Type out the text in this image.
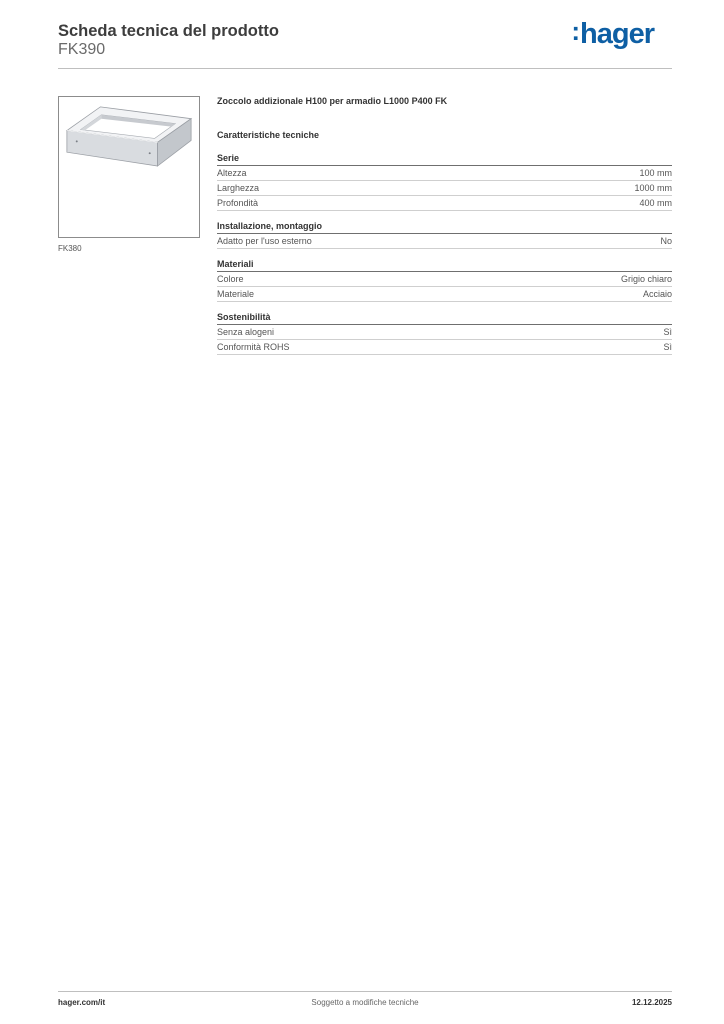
Scheda tecnica del prodotto
FK390
:hager
FK380
Zoccolo addizionale H100 per armadio L1000 P400 FK
Caratteristiche tecniche
Serie
Altezza	100 mm
Larghezza	1000 mm
Profondità	400 mm
Installazione, montaggio
Adatto per l'uso esterno	No
Materiali
Colore	Grigio chiaro
Materiale	Acciaio
Sostenibilità
Senza alogeni	Sì
Conformità ROHS	Sì
hager.com/it	Soggetto a modifiche tecniche	12.12.2025
